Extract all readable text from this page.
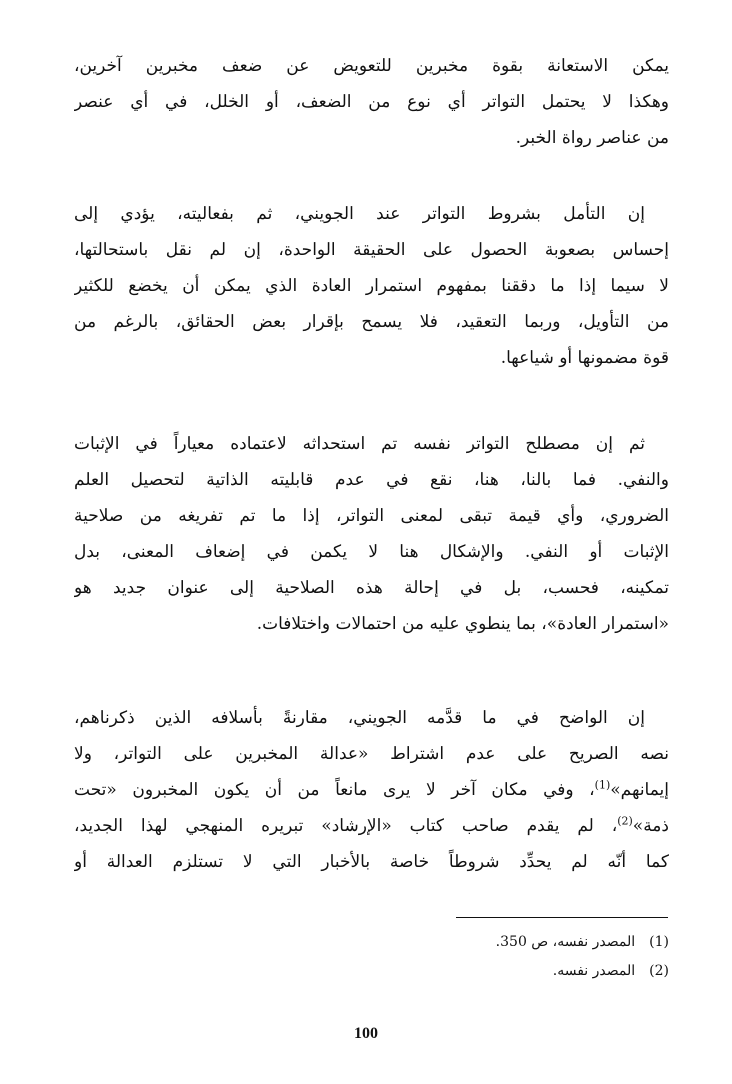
يمكن الاستعانة بقوة مخبرين للتعويض عن ضعف مخبرين آخرين،
وهكذا لا يحتمل التواتر أي نوع من الضعف، أو الخلل، في أي عنصر
من عناصر رواة الخبر.
إن التأمل بشروط التواتر عند الجويني، ثم بفعاليته، يؤدي إلى
إحساس بصعوبة الحصول على الحقيقة الواحدة، إن لم نقل باستحالتها،
لا سيما إذا ما دققنا بمفهوم استمرار العادة الذي يمكن أن يخضع للكثير
من التأويل، وربما التعقيد، فلا يسمح بإقرار بعض الحقائق، بالرغم من
قوة مضمونها أو شياعها.
ثم إن مصطلح التواتر نفسه تم استحداثه لاعتماده معياراً في الإثبات
والنفي. فما بالنا، هنا، نقع في عدم قابليته الذاتية لتحصيل العلم
الضروري، وأي قيمة تبقى لمعنى التواتر، إذا ما تم تفريغه من صلاحية
الإثبات أو النفي. والإشكال هنا لا يكمن في إضعاف المعنى، بدل
تمكينه، فحسب، بل في إحالة هذه الصلاحية إلى عنوان جديد هو
«استمرار العادة»، بما ينطوي عليه من احتمالات واختلافات.
إن الواضح في ما قدَّمه الجويني، مقارنةً بأسلافه الذين ذكرناهم،
نصه الصريح على عدم اشتراط «عدالة المخبرين على التواتر، ولا
إيمانهم»$^{(1)}$، وفي مكان آخر لا يرى مانعاً من أن يكون المخبرون «تحت
ذمة»$^{(2)}$، لم يقدم صاحب كتاب «الإرشاد» تبريره المنهجي لهذا الجديد،
كما أنّه لم يحدِّد شروطاً خاصة بالأخبار التي لا تستلزم العدالة أو
(1)المصدر نفسه، ص 350.
(2)المصدر نفسه.
100
